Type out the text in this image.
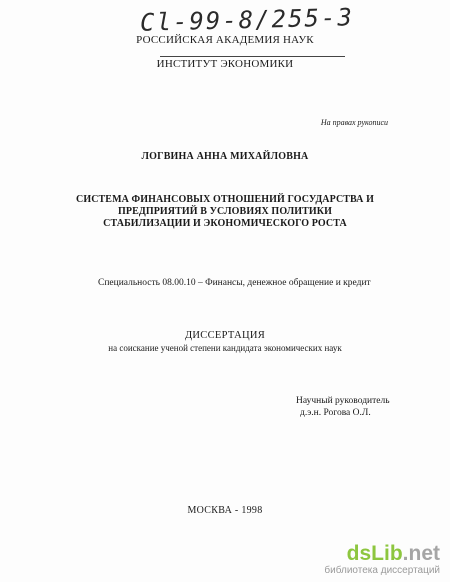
Cl-99-8/255-3
РОССИЙСКАЯ АКАДЕМИЯ НАУК
ИНСТИТУТ ЭКОНОМИКИ
На правах рукописи
ЛОГВИНА АННА МИХАЙЛОВНА
СИСТЕМА ФИНАНСОВЫХ ОТНОШЕНИЙ ГОСУДАРСТВА И
ПРЕДПРИЯТИЙ В УСЛОВИЯХ ПОЛИТИКИ
СТАБИЛИЗАЦИИ И ЭКОНОМИЧЕСКОГО РОСТА
Специальность 08.00.10 – Финансы, денежное обращение и кредит
ДИССЕРТАЦИЯ
на соискание ученой степени кандидата экономических наук
Научный руководитель
д.э.н. Рогова О.Л.
МОСКВА - 1998
dsLib.net
библиотека диссертаций
